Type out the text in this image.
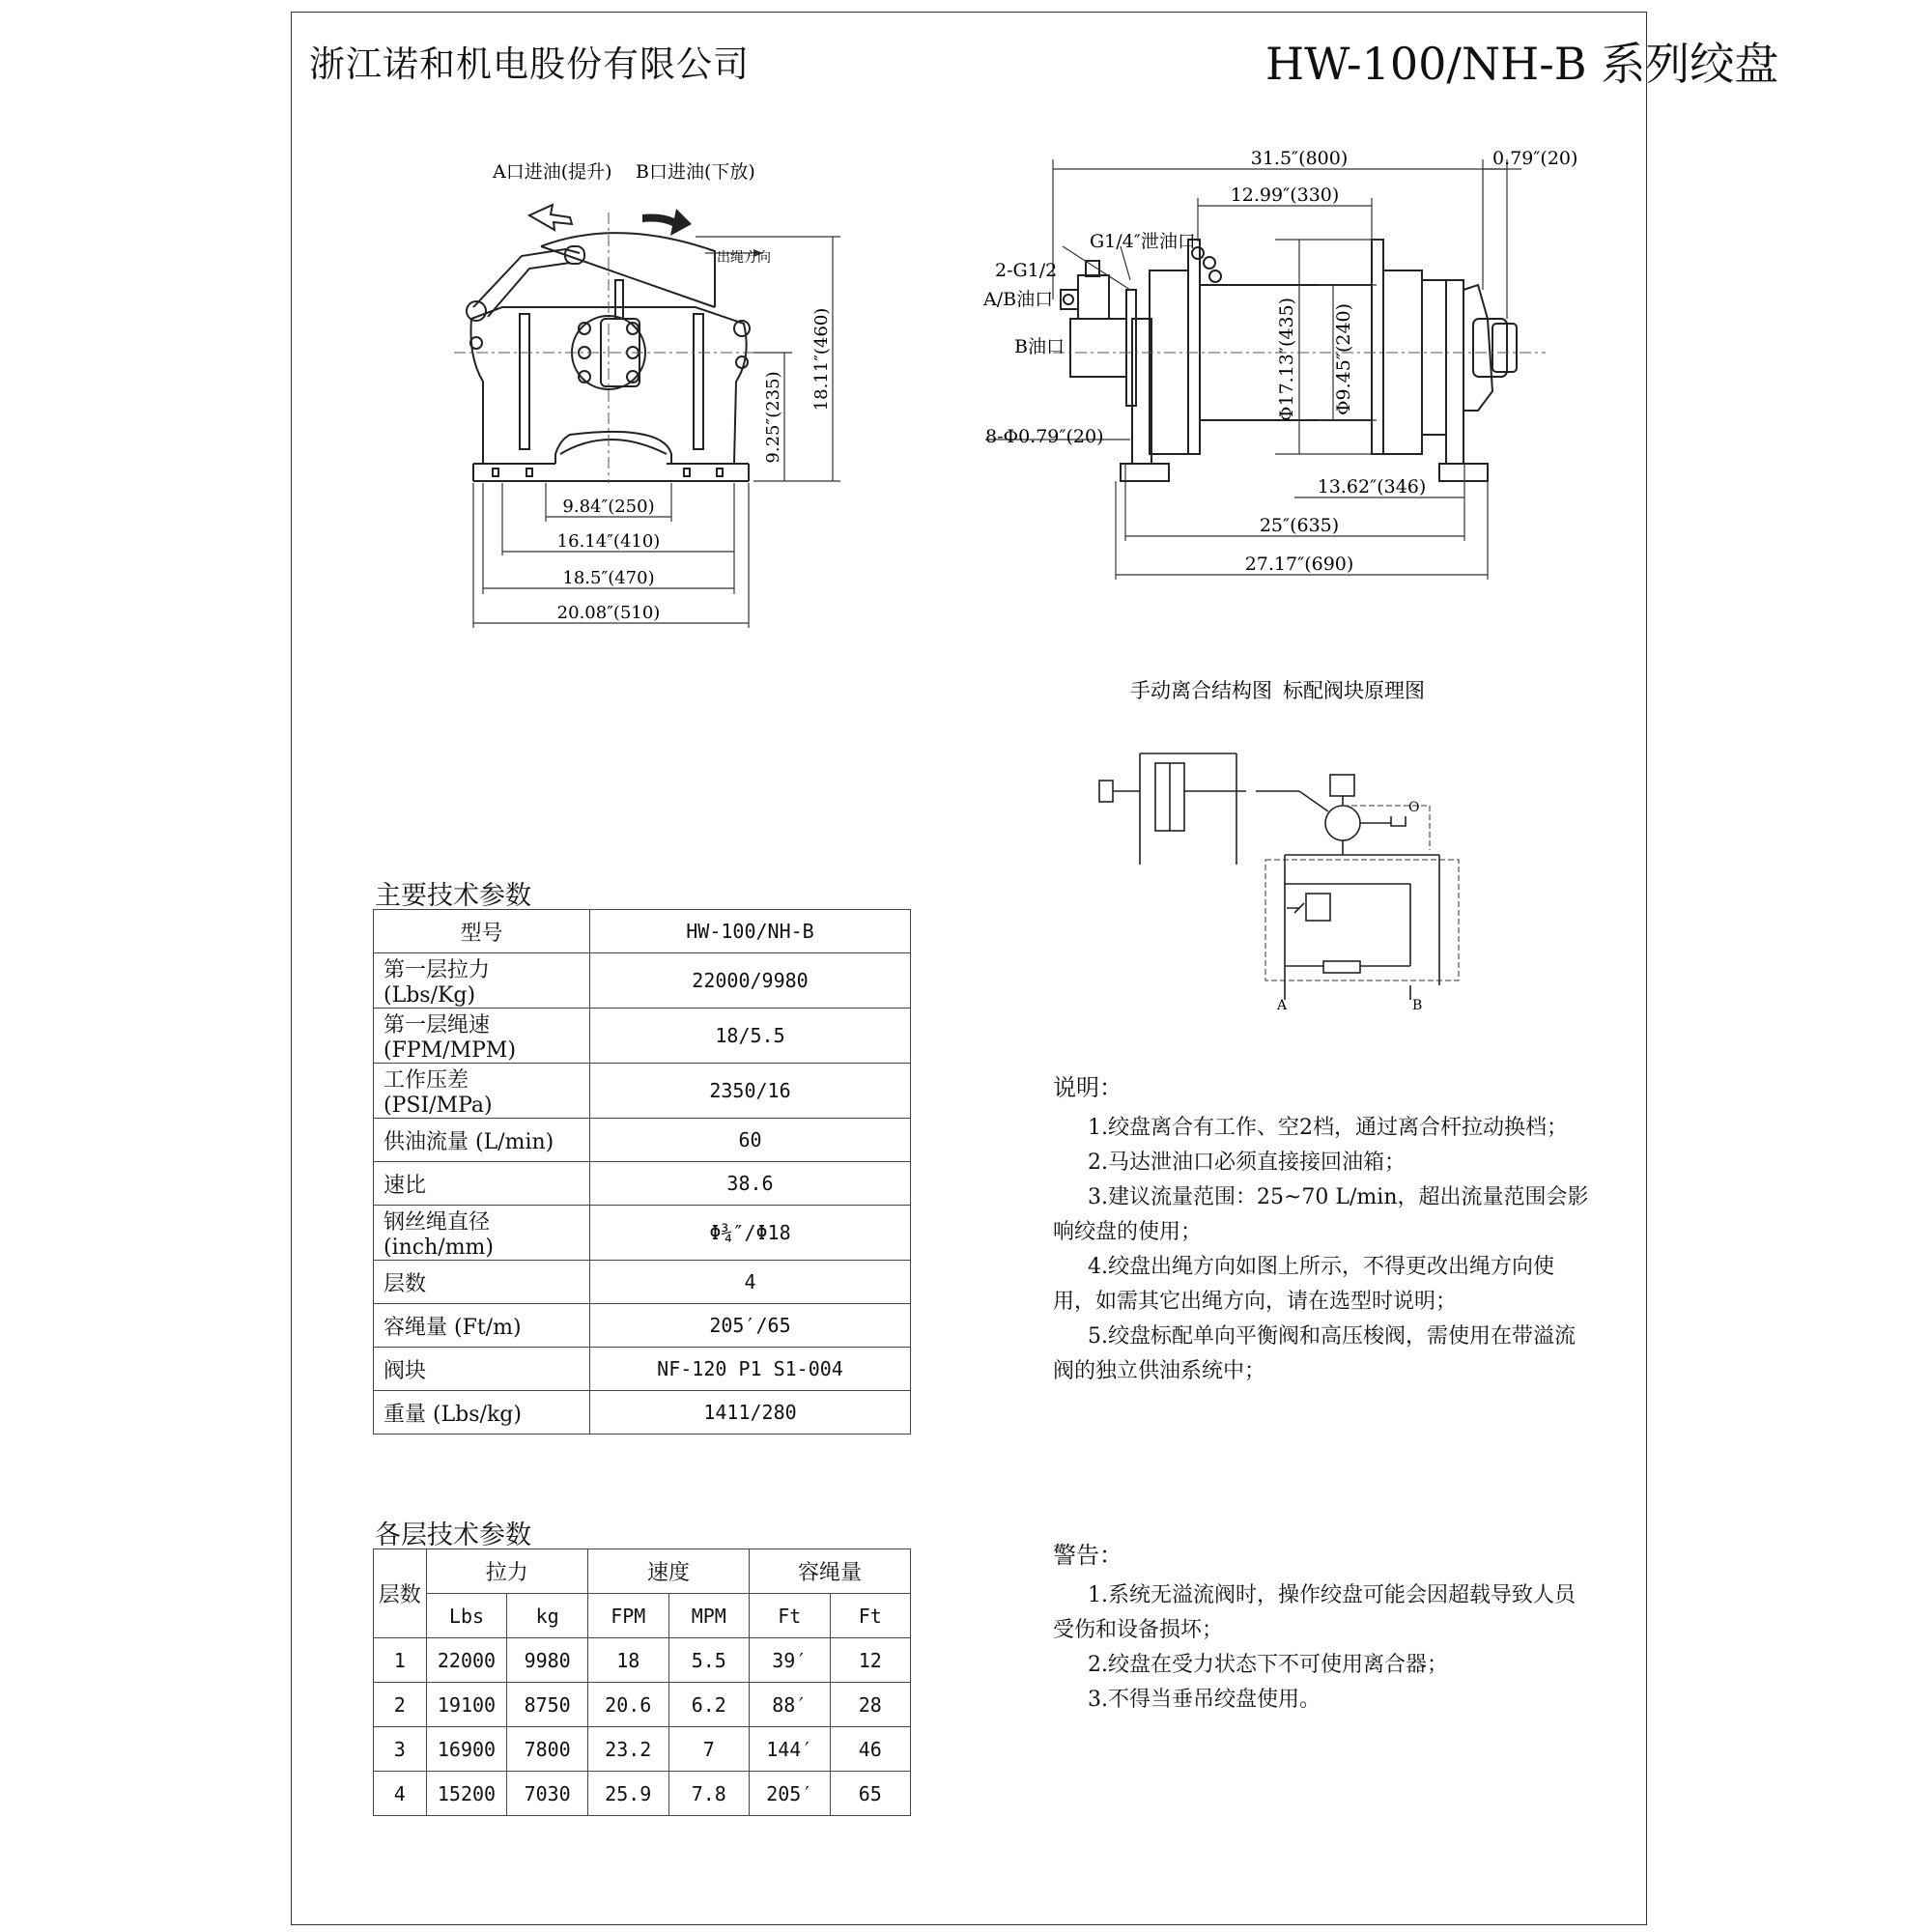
浙江诺和机电股份有限公司	HW-100/NH-B 系列绞盘
A口进油(提升) B口进油(下放)
出绳方向
9.84″(250)
16.14″(410)
18.5″(470)
20.08″(510)
9.25″(235)
18.11″(460)
31.5″(800)	0.79″(20)
12.99″(330)
G1/4″泄油口
2-G1/2
A/B油口
B油口	Φ17.13″(435) Φ9.45″(240)
8-Φ0.79″(20)
13.62″(346)
25″(635)
27.17″(690)
手动离合结构图 标配阀块原理图
O
A	B
主要技术参数
型号	HW-100/NH-B
第一层拉力 (Lbs/Kg)	22000/9980
第一层绳速 (FPM/MPM)	18/5.5
工作压差 (PSI/MPa)	2350/16
供油流量 (L/min)	60
速比	38.6
钢丝绳直径 (inch/mm)	Φ¾″/Φ18
层数	4
容绳量 (Ft/m)	205′/65
阀块	NF-120 P1 S1-004
重量 (Lbs/kg)	1411/280
各层技术参数
层数	拉力		速度		容绳量	
	Lbs	kg	FPM	MPM	Ft	Ft
1	22000	9980	18	5.5	39′	12
2	19100	8750	20.6	6.2	88′	28
3	16900	7800	23.2	7	144′	46
4	15200	7030	25.9	7.8	205′	65
说明：

1.绞盘离合有工作、空2档，通过离合杆拉动换档；

2.马达泄油口必须直接接回油箱；

3.建议流量范围：25~70 L/min，超出流量范围会影响绞盘的使用；

4.绞盘出绳方向如图上所示，不得更改出绳方向使用，如需其它出绳方向，请在选型时说明；

5.绞盘标配单向平衡阀和高压梭阀，需使用在带溢流阀的独立供油系统中；

警告：

1.系统无溢流阀时，操作绞盘可能会因超载导致人员受伤和设备损坏；

2.绞盘在受力状态下不可使用离合器；

3.不得当垂吊绞盘使用。
